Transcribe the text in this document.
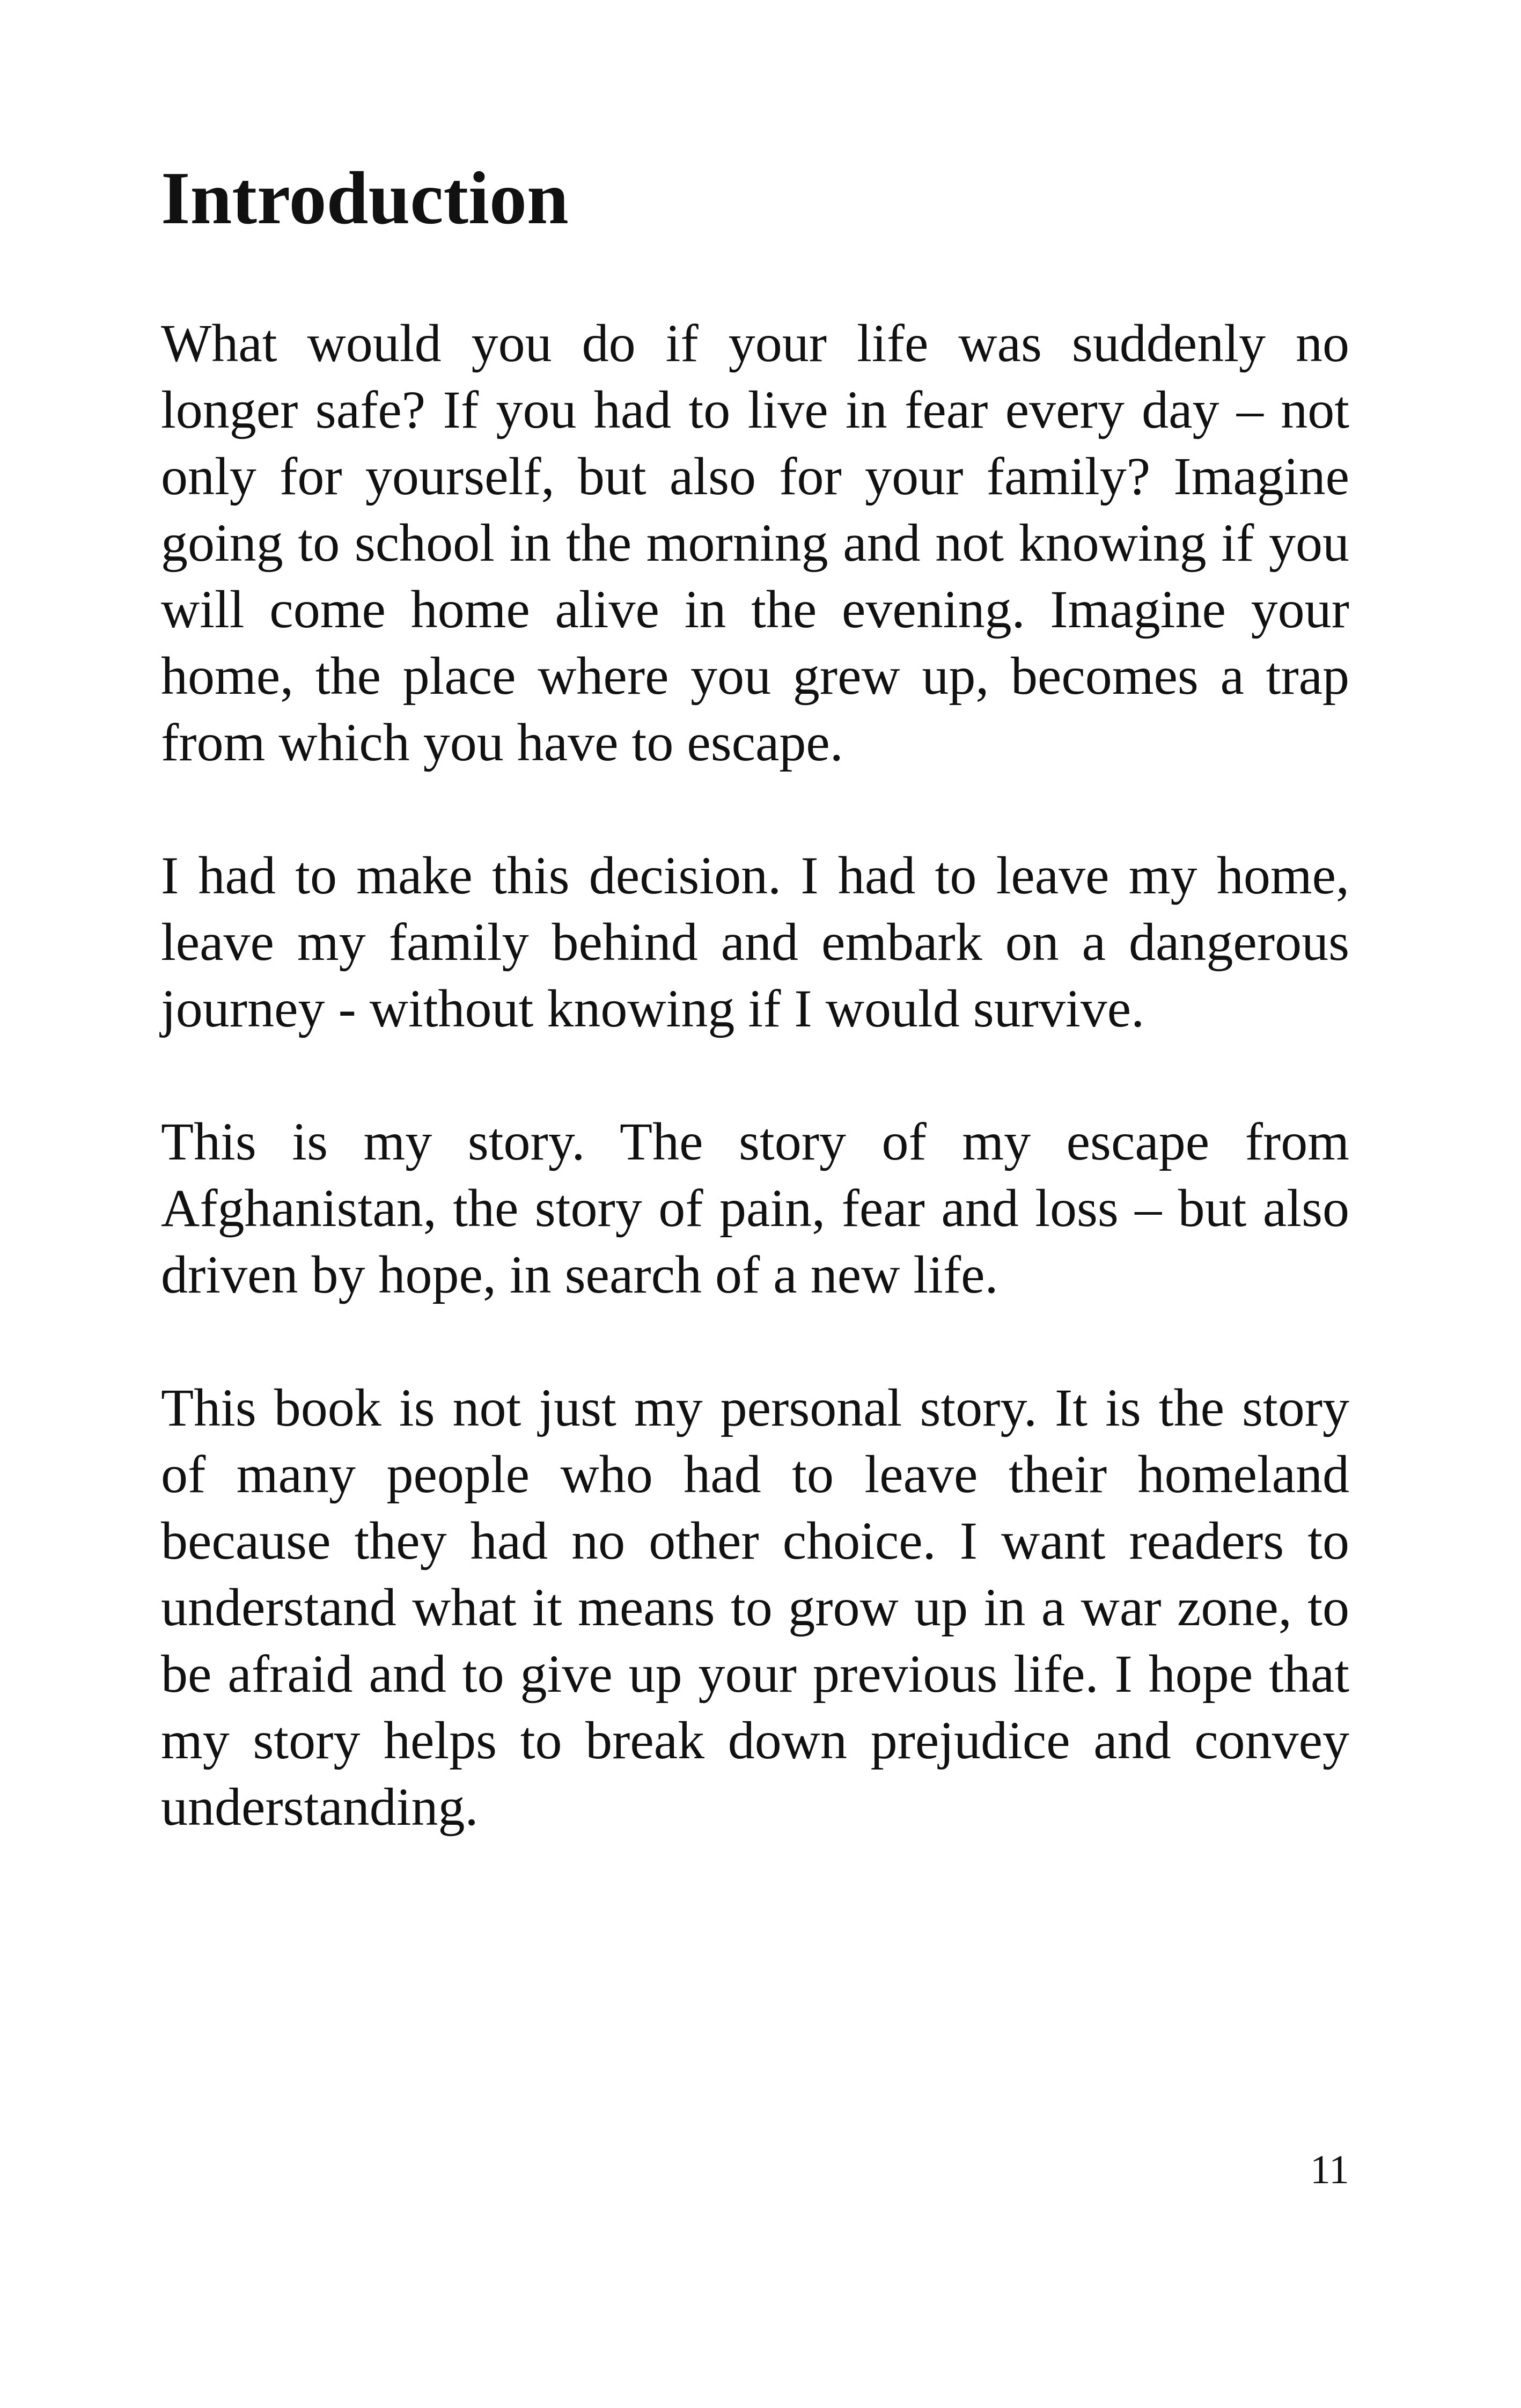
Introduction

What would you do if your life was suddenly no longer safe? If you had to live in fear every day – not only for yourself, but also for your family? Imagine going to school in the morning and not knowing if you will come home alive in the evening. Imagine your home, the place where you grew up, becomes a trap from which you have to escape.

I had to make this decision. I had to leave my home, leave my family behind and embark on a dangerous journey - without knowing if I would survive.

This is my story. The story of my escape from Afghanistan, the story of pain, fear and loss – but also driven by hope, in search of a new life.

This book is not just my personal story. It is the story of many people who had to leave their homeland because they had no other choice. I want readers to understand what it means to grow up in a war zone, to be afraid and to give up your previous life. I hope that my story helps to break down prejudice and convey understanding.

11
